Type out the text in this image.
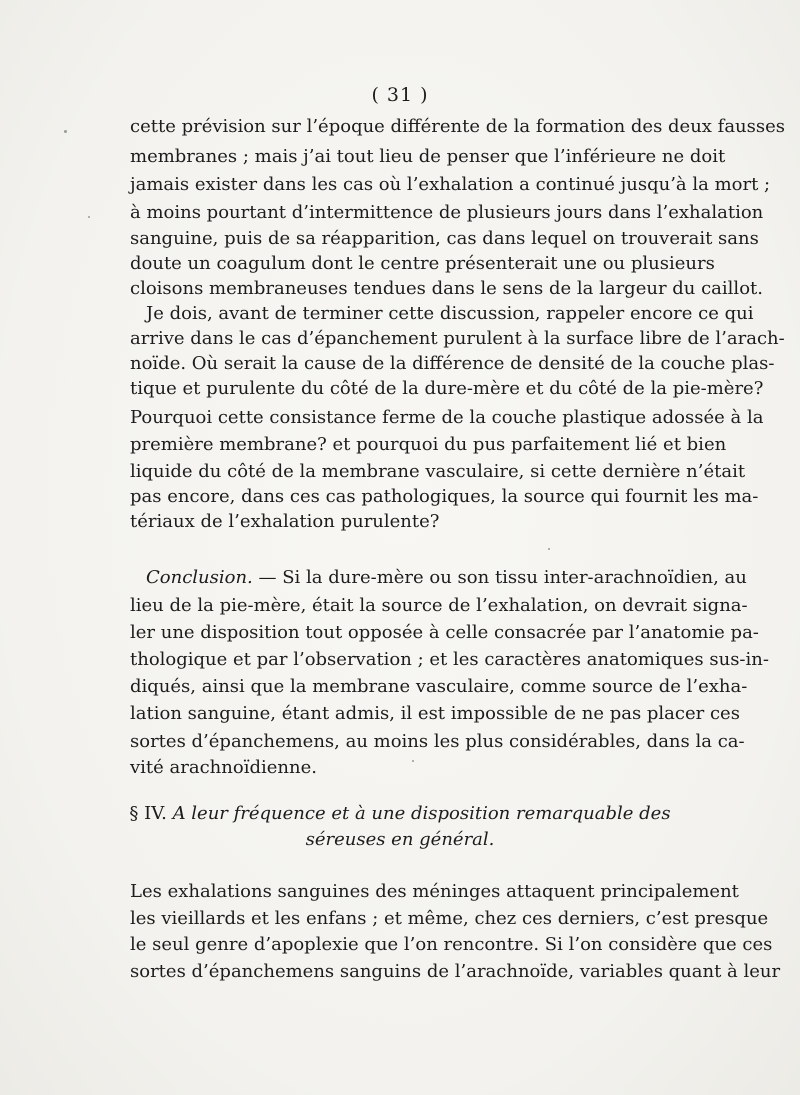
( 31 )
cette prévision sur l’époque différente de la formation des deux fausses
membranes ; mais j’ai tout lieu de penser que l’inférieure ne doit
jamais exister dans les cas où l’exhalation a continué jusqu’à la mort ;
à moins pourtant d’intermittence de plusieurs jours dans l’exhalation
sanguine, puis de sa réapparition, cas dans lequel on trouverait sans
doute un coagulum dont le centre présenterait une ou plusieurs
cloisons membraneuses tendues dans le sens de la largeur du caillot.
Je dois, avant de terminer cette discussion, rappeler encore ce qui
arrive dans le cas d’épanchement purulent à la surface libre de l’arach-
noïde. Où serait la cause de la différence de densité de la couche plas-
tique et purulente du côté de la dure-mère et du côté de la pie-mère?
Pourquoi cette consistance ferme de la couche plastique adossée à la
première membrane? et pourquoi du pus parfaitement lié et bien
liquide du côté de la membrane vasculaire, si cette dernière n’était
pas encore, dans ces cas pathologiques, la source qui fournit les ma-
tériaux de l’exhalation purulente?
Conclusion. — Si la dure-mère ou son tissu inter-arachnoïdien, au
lieu de la pie-mère, était la source de l’exhalation, on devrait signa-
ler une disposition tout opposée à celle consacrée par l’anatomie pa-
thologique et par l’observation ; et les caractères anatomiques sus-in-
diqués, ainsi que la membrane vasculaire, comme source de l’exha-
lation sanguine, étant admis, il est impossible de ne pas placer ces
sortes d’épanchemens, au moins les plus considérables, dans la ca-
vité arachnoïdienne.
§ IV. A leur fréquence et à une disposition remarquable des
séreuses en général.
Les exhalations sanguines des méninges attaquent principalement
les vieillards et les enfans ; et même, chez ces derniers, c’est presque
le seul genre d’apoplexie que l’on rencontre. Si l’on considère que ces
sortes d’épanchemens sanguins de l’arachnoïde, variables quant à leur
